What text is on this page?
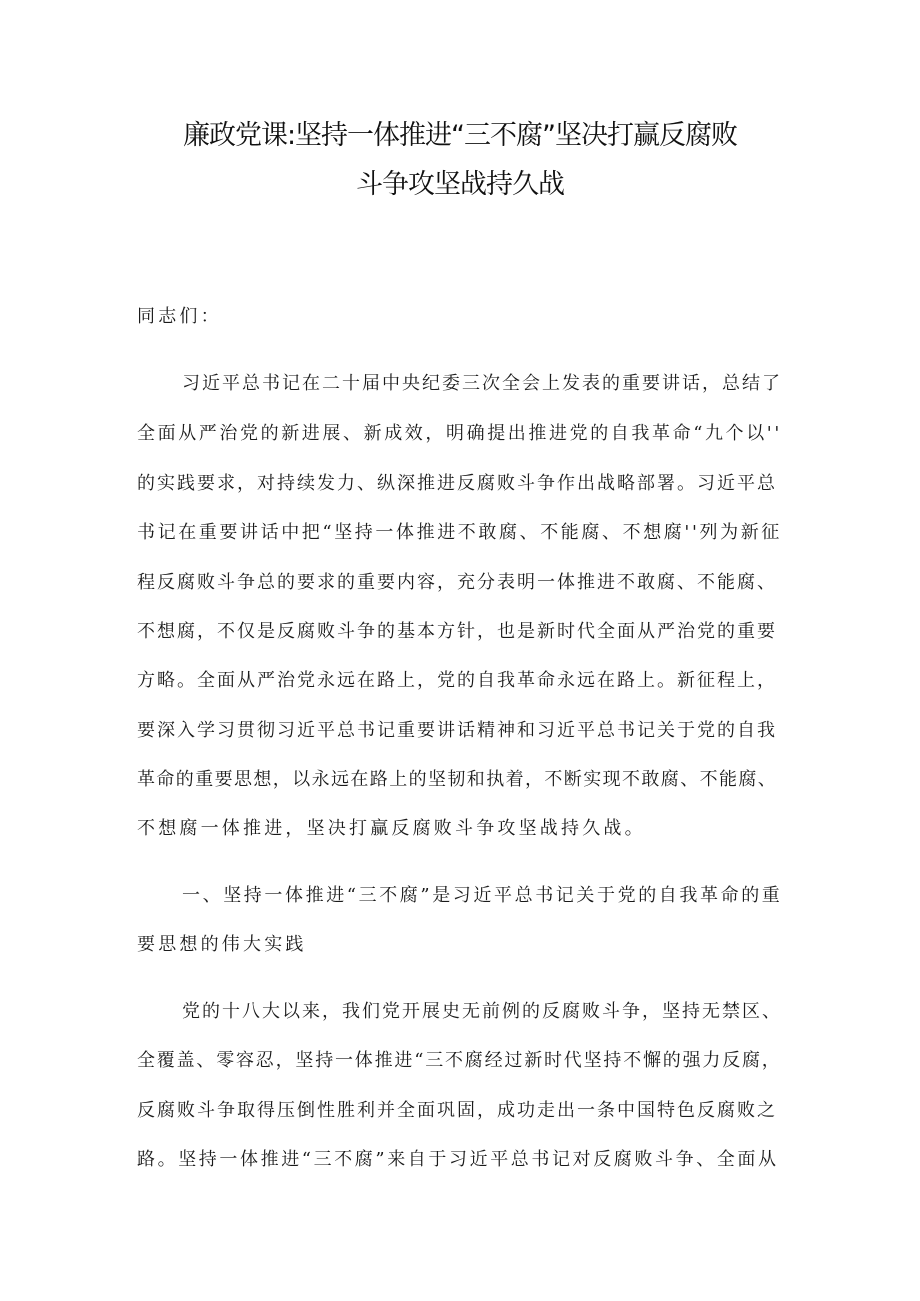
廉政党课:坚持一体推进“三不腐”坚决打赢反腐败
斗争攻坚战持久战
同志们：
习近平总书记在二十届中央纪委三次全会上发表的重要讲话，总结了
全面从严治党的新进展、新成效，明确提出推进党的自我革命“九个以''
的实践要求，对持续发力、纵深推进反腐败斗争作出战略部署。习近平总
书记在重要讲话中把“坚持一体推进不敢腐、不能腐、不想腐''列为新征
程反腐败斗争总的要求的重要内容，充分表明一体推进不敢腐、不能腐、
不想腐，不仅是反腐败斗争的基本方针，也是新时代全面从严治党的重要
方略。全面从严治党永远在路上，党的自我革命永远在路上。新征程上，
要深入学习贯彻习近平总书记重要讲话精神和习近平总书记关于党的自我
革命的重要思想，以永远在路上的坚韧和执着，不断实现不敢腐、不能腐、
不想腐一体推进，坚决打赢反腐败斗争攻坚战持久战。
一、坚持一体推进“三不腐”是习近平总书记关于党的自我革命的重
要思想的伟大实践
党的十八大以来，我们党开展史无前例的反腐败斗争，坚持无禁区、
全覆盖、零容忍，坚持一体推进“三不腐经过新时代坚持不懈的强力反腐，
反腐败斗争取得压倒性胜利并全面巩固，成功走出一条中国特色反腐败之
路。坚持一体推进“三不腐”来自于习近平总书记对反腐败斗争、全面从
